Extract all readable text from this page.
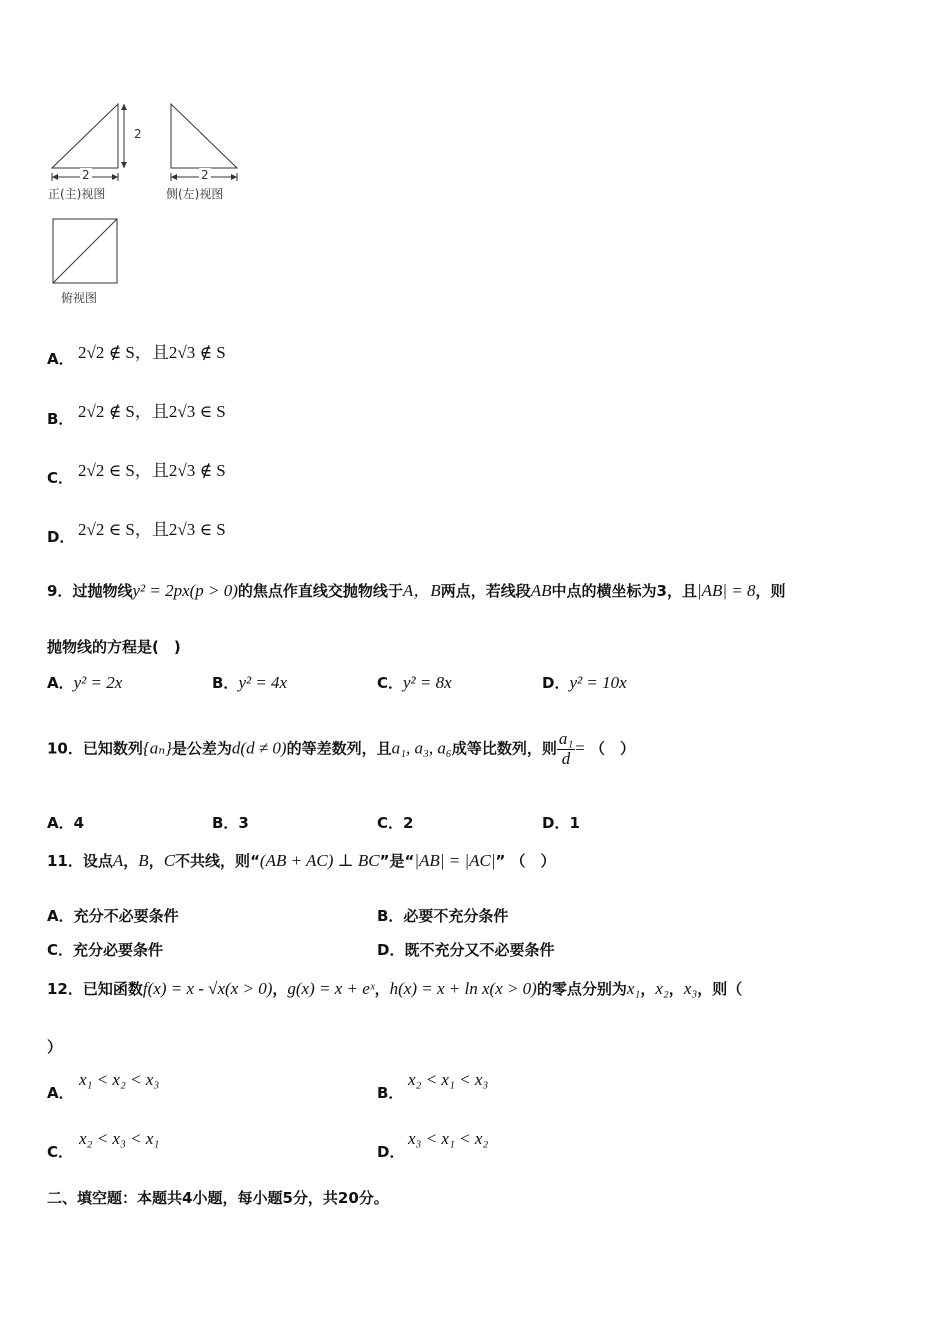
2
2	2
正(主)视图	侧(左)视图
俯视图
A． 2√2 ∉ S，且2√3 ∉ S
B． 2√2 ∉ S，且2√3 ∈ S
C． 2√2 ∈ S，且2√3 ∉ S
D． 2√2 ∈ S，且2√3 ∈ S
9．过抛物线y² = 2px(p > 0)的焦点作直线交抛物线于A，B两点，若线段AB中点的横坐标为3，且|AB| = 8，则
抛物线的方程是(　)
A．y² = 2x	B．y² = 4x	C．y² = 8x	D．y² = 10x
10．已知数列{aₙ}是公差为d(d ≠ 0)的等差数列，且a₁, a₃, a₆成等比数列，则 $\frac{\text{a₁}}{d}$ = （　）
A．4	B．3	C．2	D．1
11．设点A，B，C不共线，则“(AB + AC) ⊥ BC”是“|AB| = |AC|” （　）
A．充分不必要条件	B．必要不充分条件
C．充分必要条件	D．既不充分又不必要条件
12．已知函数f(x) = x - √x(x > 0)，g(x) = x + eˣ，h(x) = x + ln x(x > 0)的零点分别为x₁，x₂，x₃，则（
）
A．
x₁ < x₂ < x₃
B．
x₂ < x₁ < x₃
C．
x₂ < x₃ < x₁
D．
x₃ < x₁ < x₂
二、填空题：本题共4小题，每小题5分，共20分。
